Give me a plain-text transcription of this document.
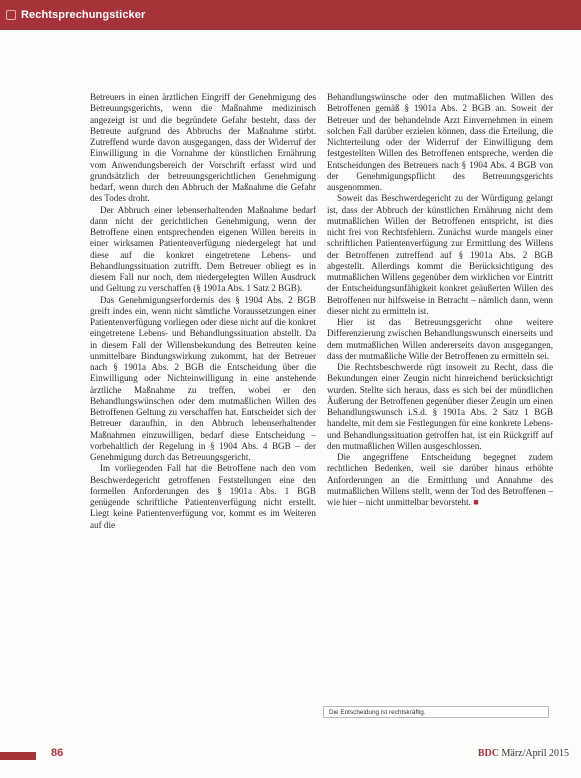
Rechtsprechungsticker

Betreuers in einen ärztlichen Eingriff der Genehmigung des Betreuungsgerichts, wenn die Maßnahme medizinisch angezeigt ist und die begründete Gefahr besteht, dass der Betreute aufgrund des Abbruchs der Maßnahme stirbt. Zutreffend wurde davon ausgegangen, dass der Widerruf der Einwilligung in die Vornahme der künstlichen Ernährung vom Anwendungsbereich der Vorschrift erfasst wird und grundsätzlich der betreuungsgerichtlichen Genehmigung bedarf, wenn durch den Abbruch der Maßnahme die Gefahr des Todes droht.

Der Abbruch einer lebenserhaltenden Maßnahme bedarf dann nicht der gerichtlichen Genehmigung, wenn der Betroffene einen entsprechenden eigenen Willen bereits in einer wirksamen Patientenverfügung niedergelegt hat und diese auf die konkret eingetretene Lebens- und Behandlungssituation zutrifft. Dem Betreuer obliegt es in diesem Fall nur noch, dem niedergelegten Willen Ausdruck und Geltung zu verschaffen (§ 1901a Abs. 1 Satz 2 BGB).

Das Genehmigungserfordernis des § 1904 Abs. 2 BGB greift indes ein, wenn nicht sämtliche Voraussetzungen einer Patientenverfügung vorliegen oder diese nicht auf die konkret eingetretene Lebens- und Behandlungssituation abstellt. Da in diesem Fall der Willensbekundung des Betreuten keine unmittelbare Bindungswirkung zukommt, hat der Betreuer nach § 1901a Abs. 2 BGB die Entscheidung über die Einwilligung oder Nichteinwilligung in eine anstehende ärztliche Maßnahme zu treffen, wobei er den Behandlungswünschen oder dem mutmaßlichen Willen des Betroffenen Geltung zu verschaffen hat. Entscheidet sich der Betreuer daraufhin, in den Abbruch lebenserhaltender Maßnahmen einzuwilligen, bedarf diese Entscheidung – vorbehaltlich der Regelung in § 1904 Abs. 4 BGB – der Genehmigung durch das Betreuungsgericht.

Im vorliegenden Fall hat die Betroffene nach den vom Beschwerdegericht getroffenen Feststellungen eine den formellen Anforderungen des § 1901a Abs. 1 BGB genügende schriftliche Patientenverfügung nicht erstellt. Liegt keine Patientenverfügung vor, kommt es im Weiteren auf die

Behandlungswünsche oder den mutmaßlichen Willen des Betroffenen gemäß § 1901a Abs. 2 BGB an. Soweit der Betreuer und der behandelnde Arzt Einvernehmen in einem solchen Fall darüber erzielen können, dass die Erteilung, die Nichterteilung oder der Widerruf der Einwilligung dem festgestellten Willen des Betroffenen entspreche, werden die Entscheidungen des Betreuers nach § 1904 Abs. 4 BGB von der Genehmigungspflicht des Betreuungsgerichts ausgenommen.

Soweit das Beschwerdegericht zu der Würdigung gelangt ist, dass der Abbruch der künstlichen Ernährung nicht dem mutmaßlichen Willen der Betroffenen entspricht, ist dies nicht frei von Rechtsfehlern. Zunächst wurde mangels einer schriftlichen Patientenverfügung zur Ermittlung des Willens der Betroffenen zutreffend auf § 1901a Abs. 2 BGB abgestellt. Allerdings kommt die Berücksichtigung des mutmaßlichen Willens gegenüber dem wirklichen vor Eintritt der Entscheidungsunfähigkeit konkret geäußerten Willen des Betroffenen nur hilfsweise in Betracht – nämlich dann, wenn dieser nicht zu ermitteln ist.

Hier ist das Betreuungsgericht ohne weitere Differenzierung zwischen Behandlungswunsch einerseits und dem mutmaßlichen Willen andererseits davon ausgegangen, dass der mutmaßliche Wille der Betroffenen zu ermitteln sei.

Die Rechtsbeschwerde rügt insoweit zu Recht, dass die Bekundungen einer Zeugin nicht hinreichend berücksichtigt wurden. Stellte sich heraus, dass es sich bei der mündlichen Äußerung der Betroffenen gegenüber dieser Zeugin um einen Behandlungswunsch i.S.d. § 1901a Abs. 2 Satz 1 BGB handelte, mit dem sie Festlegungen für eine konkrete Lebens- und Behandlungssituation getroffen hat, ist ein Rückgriff auf den mutmaßlichen Willen ausgeschlossen.

Die angegriffene Entscheidung begegnet zudem rechtlichen Bedenken, weil sie darüber hinaus erhöhte Anforderungen an die Ermittlung und Annahme des mutmaßlichen Willens stellt, wenn der Tod des Betroffenen – wie hier – nicht unmittelbar bevorsteht. ■

Die Entscheidung ist rechtskräftig.
86	BDC März/April 2015
